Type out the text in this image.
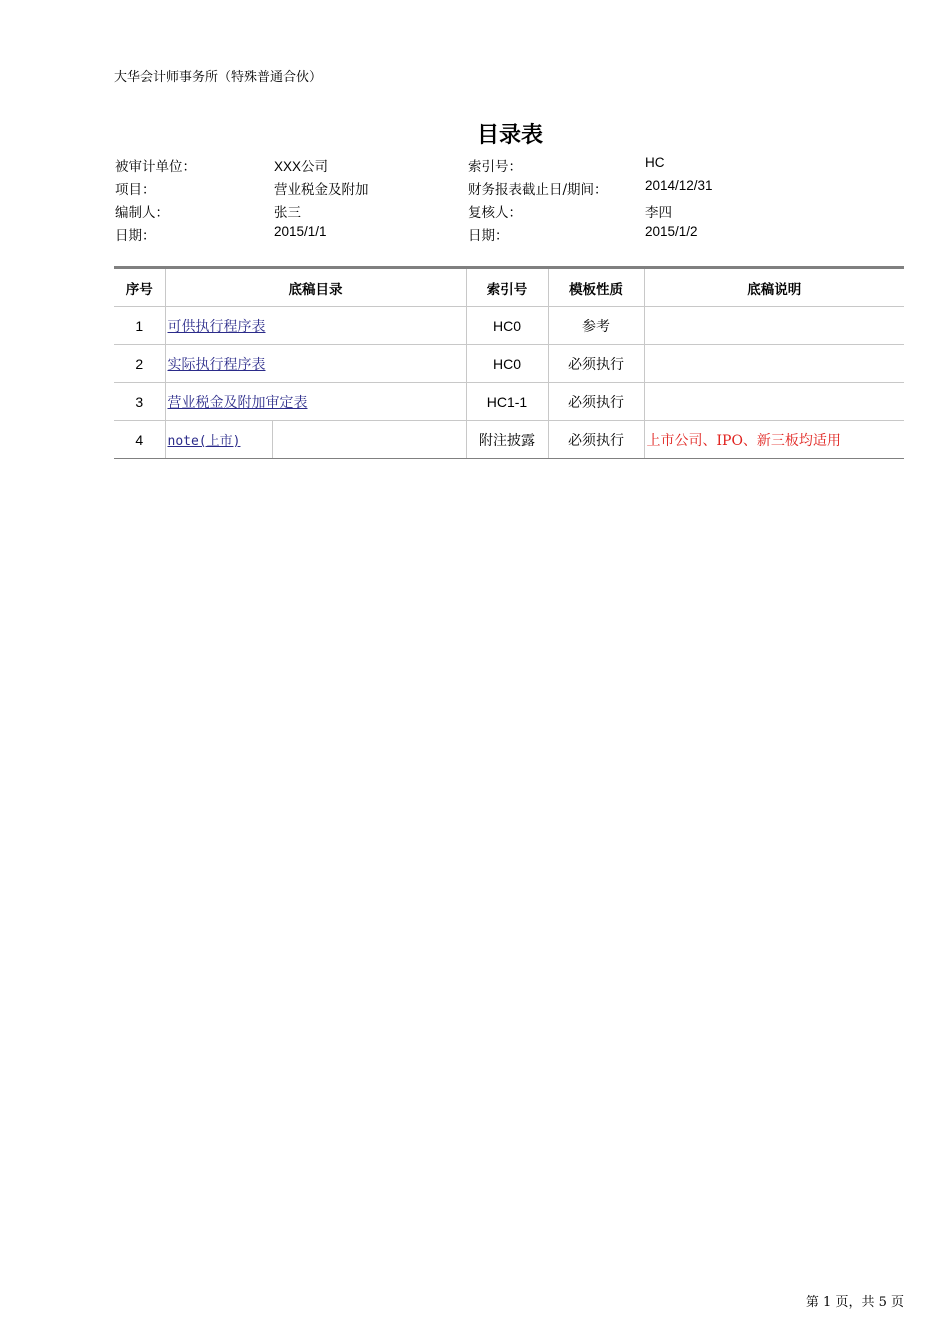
大华会计师事务所（特殊普通合伙）
目录表
被审计单位：	XXX公司	索引号：	HC
项目：	营业税金及附加	财务报表截止日/期间：	2014/12/31
编制人：	张三	复核人：	李四
日期：	2015/1/1	日期：	2015/1/2
序号	底稿目录		索引号	模板性质	底稿说明
1	可供执行程序表		HC0	参考	
2	实际执行程序表		HC0	必须执行	
3	营业税金及附加审定表		HC1-1	必须执行	
4	note(上市)		附注披露	必须执行	上市公司、IPO、新三板均适用
第 1 页，共 5 页
